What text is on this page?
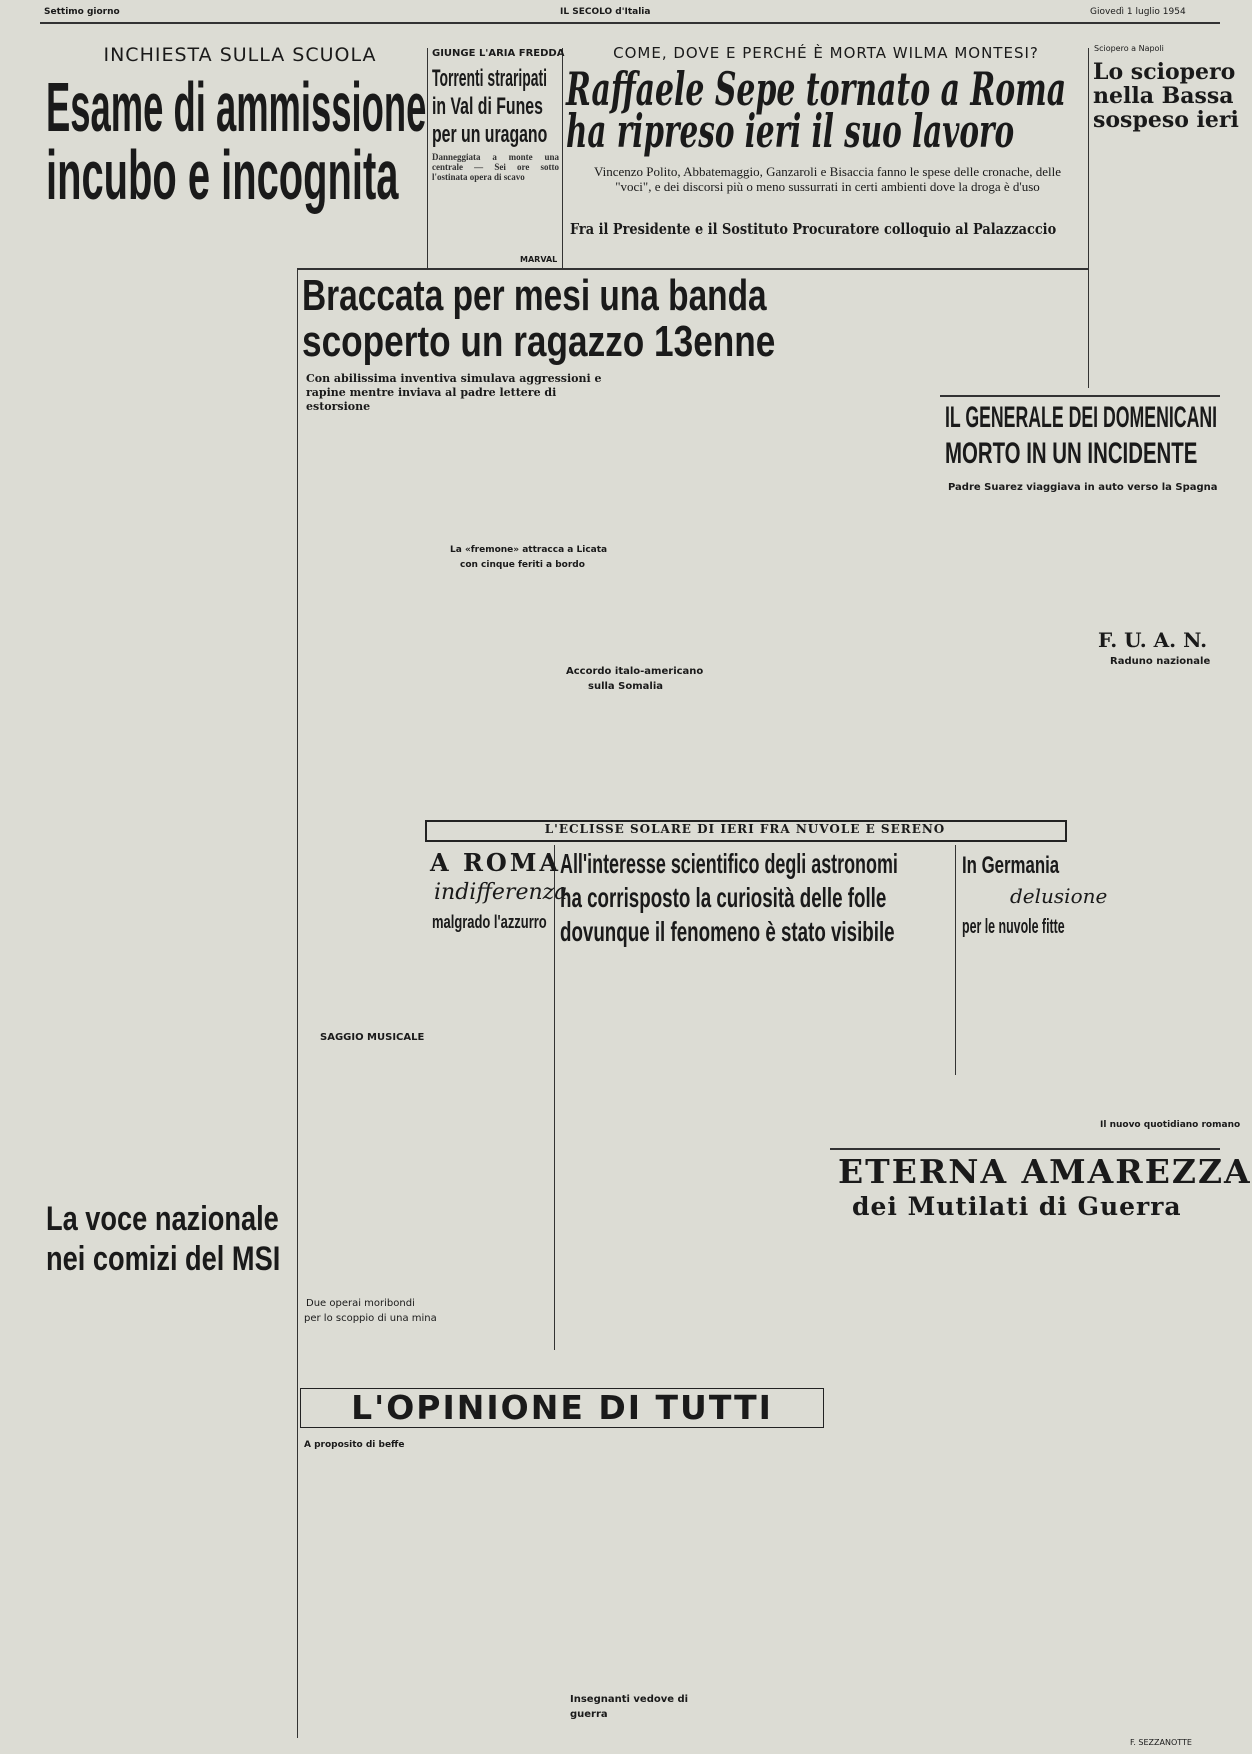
Settimo giorno	IL SECOLO d'Italia	Giovedì 1 luglio 1954
INCHIESTA SULLA SCUOLA
Esame di ammissione
incubo e incognita
La voce nazionale
nei comizi del MSI
GIUNGE L'ARIA FREDDA
Torrenti straripati
in Val di Funes
per un uragano
Danneggiata a monte una centrale — Sei ore sotto l'ostinata opera di scavo
MARVAL
COME, DOVE E PERCHÉ È MORTA WILMA MONTESI?
Raffaele Sepe tornato a Roma
ha ripreso ieri il suo lavoro
Vincenzo Polito, Abbatemaggio, Ganzaroli e Bisaccia fanno le spese delle cronache, delle "voci", e dei discorsi più o meno sussurrati in certi ambienti dove la droga è d'uso
Fra il Presidente e il Sostituto Procuratore colloquio al Palazzaccio
Sciopero a Napoli
Lo sciopero
nella Bassa
sospeso ieri
Braccata per mesi una banda
scoperto un ragazzo 13enne
Con abilissima inventiva simulava aggressioni e rapine mentre inviava al padre lettere di estorsione
La «fremone» attracca a Licata
con cinque feriti a bordo
Accordo italo-americano
sulla Somalia
IL GENERALE DEI DOMENICANI
MORTO IN UN INCIDENTE
Padre Suarez viaggiava in auto verso la Spagna
F. U. A. N.
Raduno nazionale
Il nuovo quotidiano romano
L'ECLISSE SOLARE DI IERI FRA NUVOLE E SERENO
A ROMA
indifferenza
malgrado l'azzurro
All'interesse scientifico degli astronomi
ha corrisposto la curiosità delle folle
dovunque il fenomeno è stato visibile
In Germania
delusione
per le nuvole fitte
SAGGIO MUSICALE
Due operai moribondi
per lo scoppio di una mina
ETERNA AMAREZZA
dei Mutilati di Guerra
F. SEZZANOTTE
L'OPINIONE DI TUTTI
A proposito di beffe
Insegnanti vedove di
guerra
